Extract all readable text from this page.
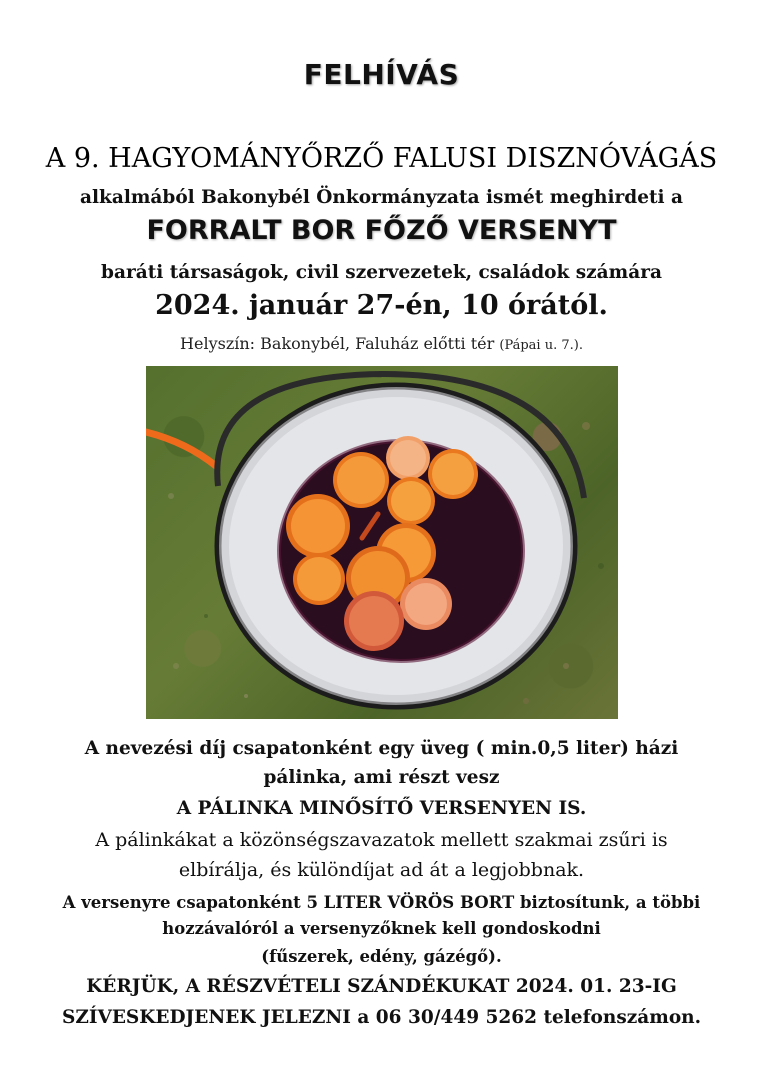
FELHÍVÁS
A 9. HAGYOMÁNYŐRZŐ FALUSI DISZNÓVÁGÁS
alkalmából Bakonybél Önkormányzata ismét meghirdeti a
FORRALT BOR FŐZŐ VERSENYT
baráti társaságok, civil szervezetek, családok számára
2024. január 27-én, 10 órától.
Helyszín: Bakonybél, Faluház előtti tér (Pápai u. 7.).
A nevezési díj csapatonként egy üveg ( min.0,5 liter) házi
pálinka, ami részt vesz
A PÁLINKA MINŐSÍTŐ VERSENYEN IS.
A pálinkákat a közönségszavazatok mellett szakmai zsűri is
elbírálja, és különdíjat ad át a legjobbnak.
A versenyre csapatonként 5 LITER VÖRÖS BORT biztosítunk, a többi
hozzávalóról a versenyzőknek kell gondoskodni
(fűszerek, edény, gázégő).
KÉRJÜK, A RÉSZVÉTELI SZÁNDÉKUKAT 2024. 01. 23-IG
SZÍVESKEDJENEK JELEZNI a 06 30/449 5262 telefonszámon.
